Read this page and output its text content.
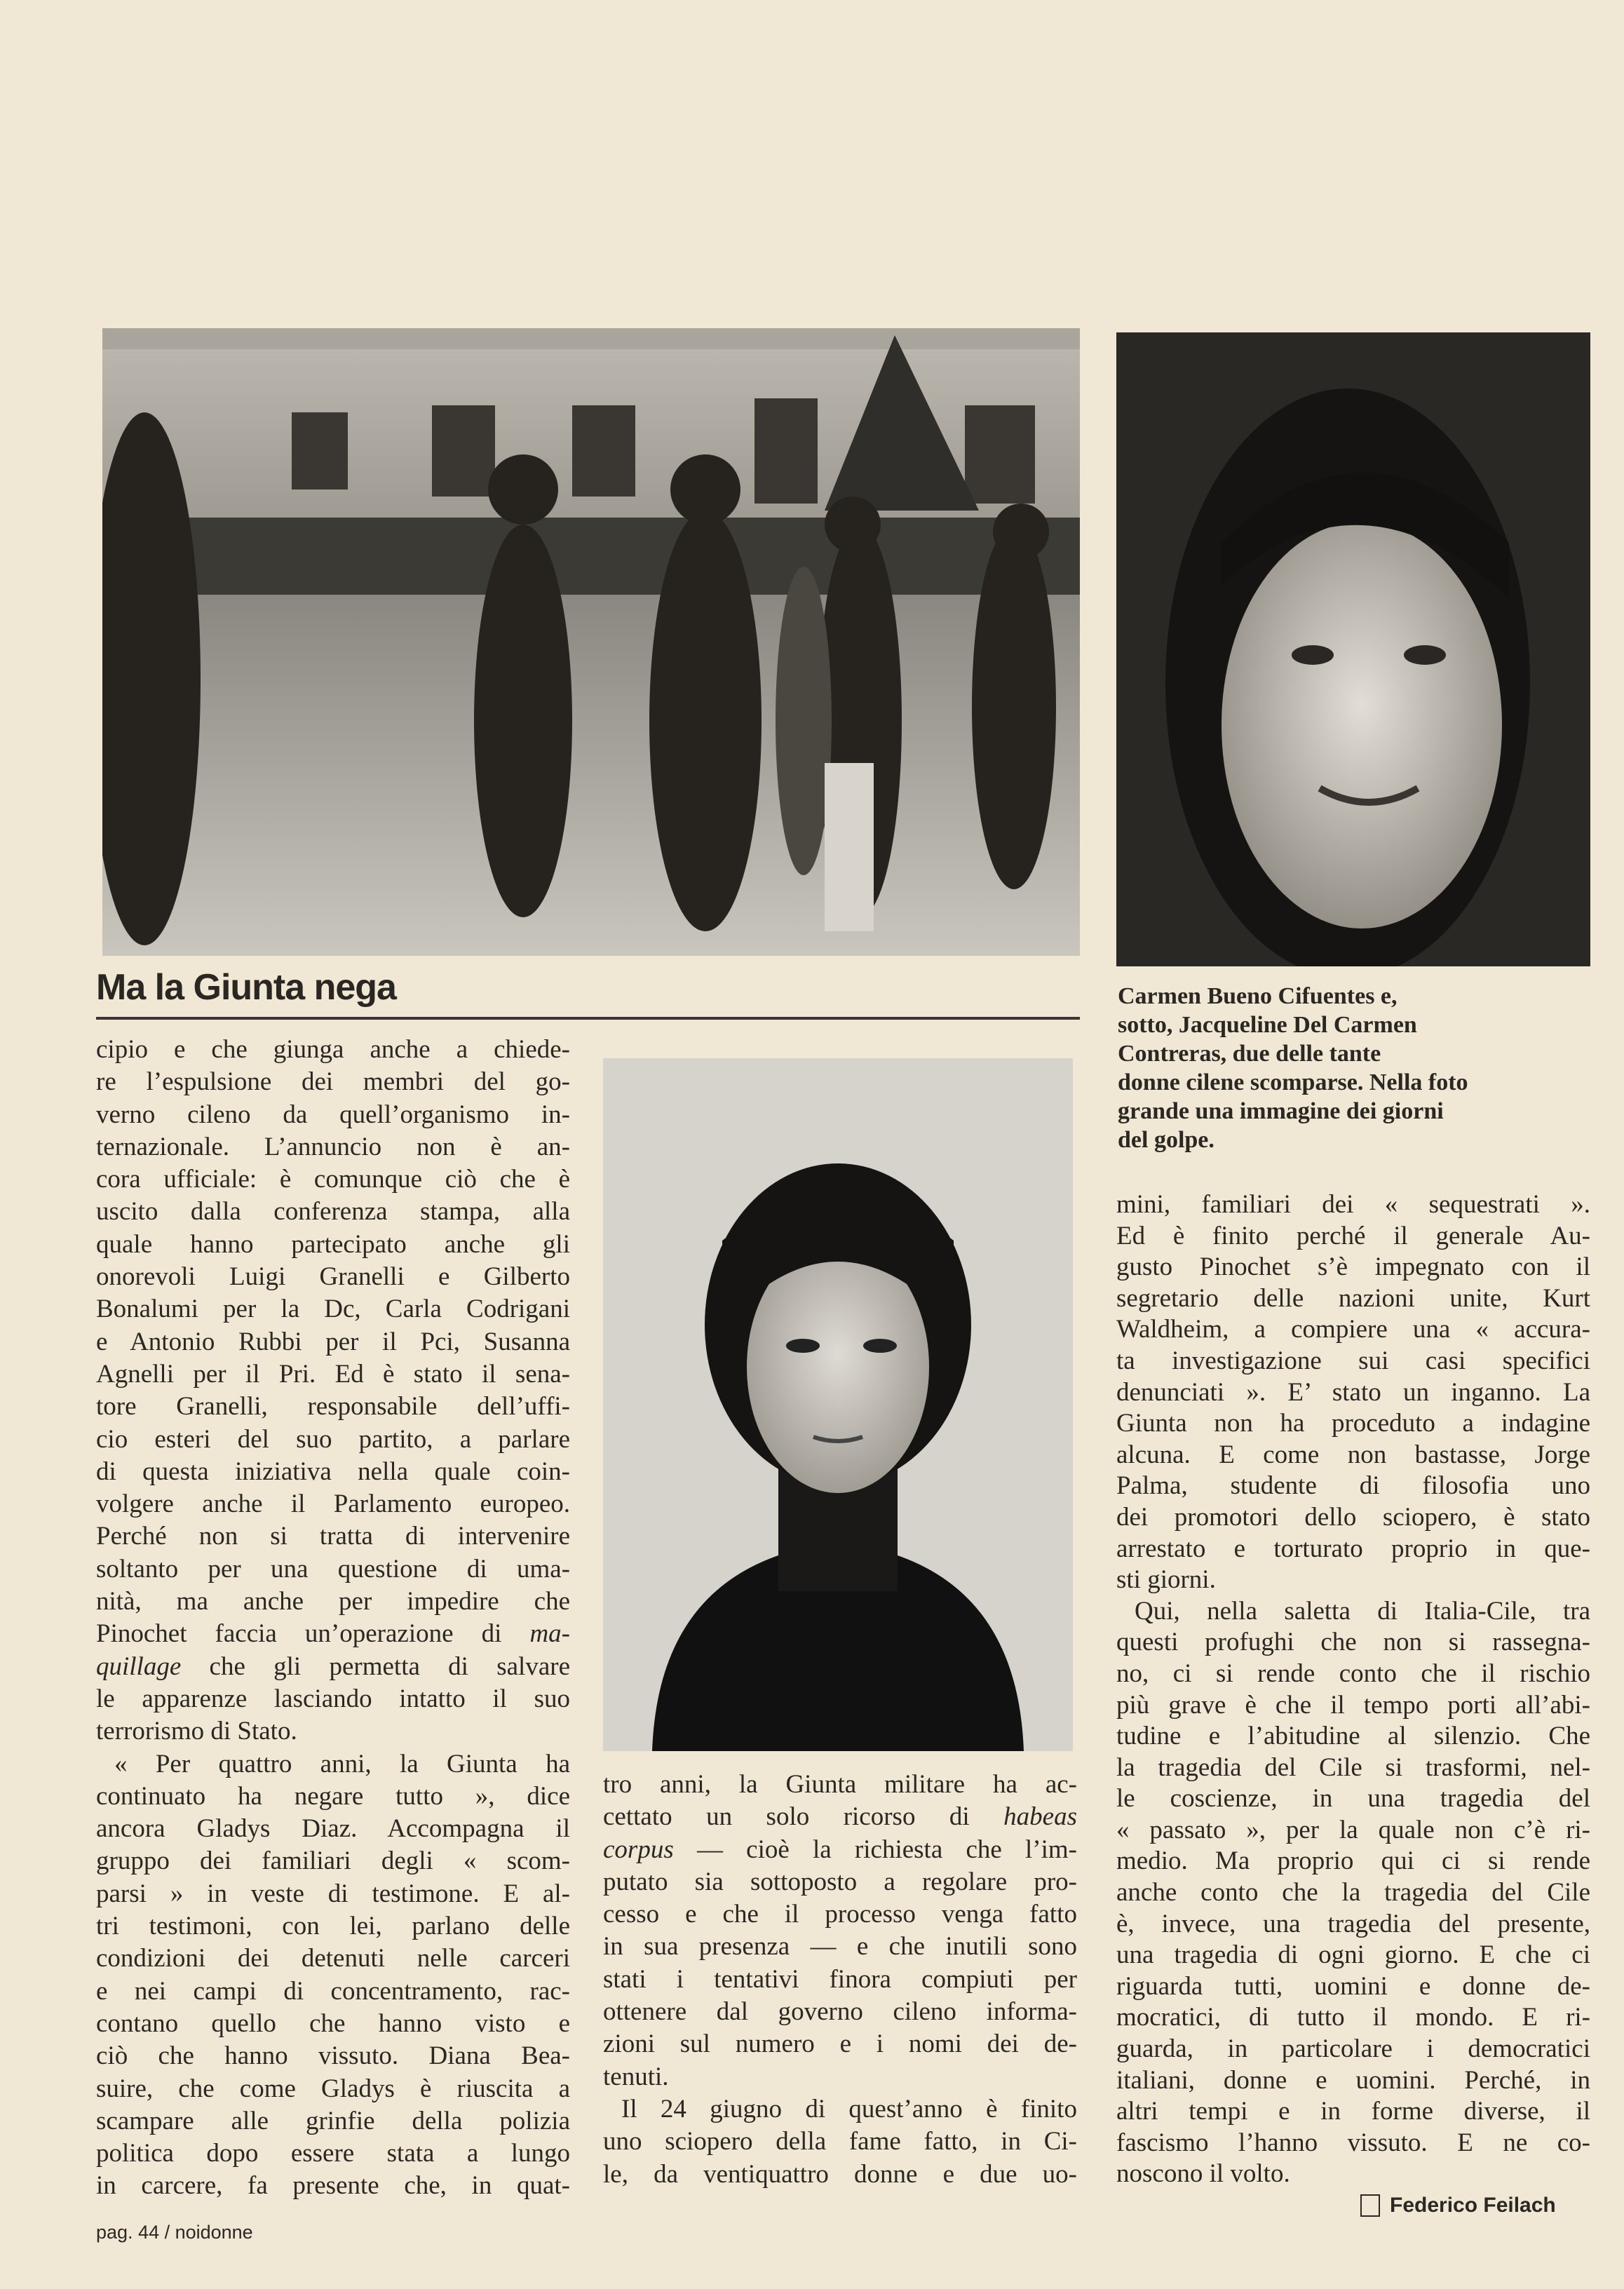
Ma la Giunta nega	Carmen Bueno Cifuentes e,
sotto, Jacqueline Del Carmen
Contreras, due delle tante
donne cilene scomparse. Nella foto
grande una immagine dei giorni
del golpe.
cipio e che giunga anche a chiede-
re l’espulsione dei membri del go-
verno cileno da quell’organismo in-
ternazionale. L’annuncio non è an-
cora ufficiale: è comunque ciò che è
uscito dalla conferenza stampa, alla
quale hanno partecipato anche gli
onorevoli Luigi Granelli e Gilberto
Bonalumi per la Dc, Carla Codrigani
e Antonio Rubbi per il Pci, Susanna
Agnelli per il Pri. Ed è stato il sena-
tore Granelli, responsabile dell’uffi-
cio esteri del suo partito, a parlare
di questa iniziativa nella quale coin-
volgere anche il Parlamento europeo.
Perché non si tratta di intervenire
soltanto per una questione di uma-
nità, ma anche per impedire che
Pinochet faccia un’operazione di ma-
quillage che gli permetta di salvare
le apparenze lasciando intatto il suo
terrorismo di Stato.
« Per quattro anni, la Giunta ha
continuato ha negare tutto », dice
ancora Gladys Diaz. Accompagna il
gruppo dei familiari degli « scom-
parsi » in veste di testimone. E al-
tri testimoni, con lei, parlano delle
condizioni dei detenuti nelle carceri
e nei campi di concentramento, rac-
contano quello che hanno visto e
ciò che hanno vissuto. Diana Bea-
suire, che come Gladys è riuscita a
scampare alle grinfie della polizia
politica dopo essere stata a lungo
in carcere, fa presente che, in quat-
tro anni, la Giunta militare ha ac-
cettato un solo ricorso di habeas
corpus — cioè la richiesta che l’im-
putato sia sottoposto a regolare pro-
cesso e che il processo venga fatto
in sua presenza — e che inutili sono
stati i tentativi finora compiuti per
ottenere dal governo cileno informa-
zioni sul numero e i nomi dei de-
tenuti.
Il 24 giugno di quest’anno è finito
uno sciopero della fame fatto, in Ci-
le, da ventiquattro donne e due uo-
mini, familiari dei « sequestrati ».
Ed è finito perché il generale Au-
gusto Pinochet s’è impegnato con il
segretario delle nazioni unite, Kurt
Waldheim, a compiere una « accura-
ta investigazione sui casi specifici
denunciati ». E’ stato un inganno. La
Giunta non ha proceduto a indagine
alcuna. E come non bastasse, Jorge
Palma, studente di filosofia uno
dei promotori dello sciopero, è stato
arrestato e torturato proprio in que-
sti giorni.
Qui, nella saletta di Italia-Cile, tra
questi profughi che non si rassegna-
no, ci si rende conto che il rischio
più grave è che il tempo porti all’abi-
tudine e l’abitudine al silenzio. Che
la tragedia del Cile si trasformi, nel-
le coscienze, in una tragedia del
« passato », per la quale non c’è ri-
medio. Ma proprio qui ci si rende
anche conto che la tragedia del Cile
è, invece, una tragedia del presente,
una tragedia di ogni giorno. E che ci
riguarda tutti, uomini e donne de-
mocratici, di tutto il mondo. E ri-
guarda, in particolare i democratici
italiani, donne e uomini. Perché, in
altri tempi e in forme diverse, il
fascismo l’hanno vissuto. E ne co-
noscono il volto.
Federico Feilach
pag. 44 / noidonne
